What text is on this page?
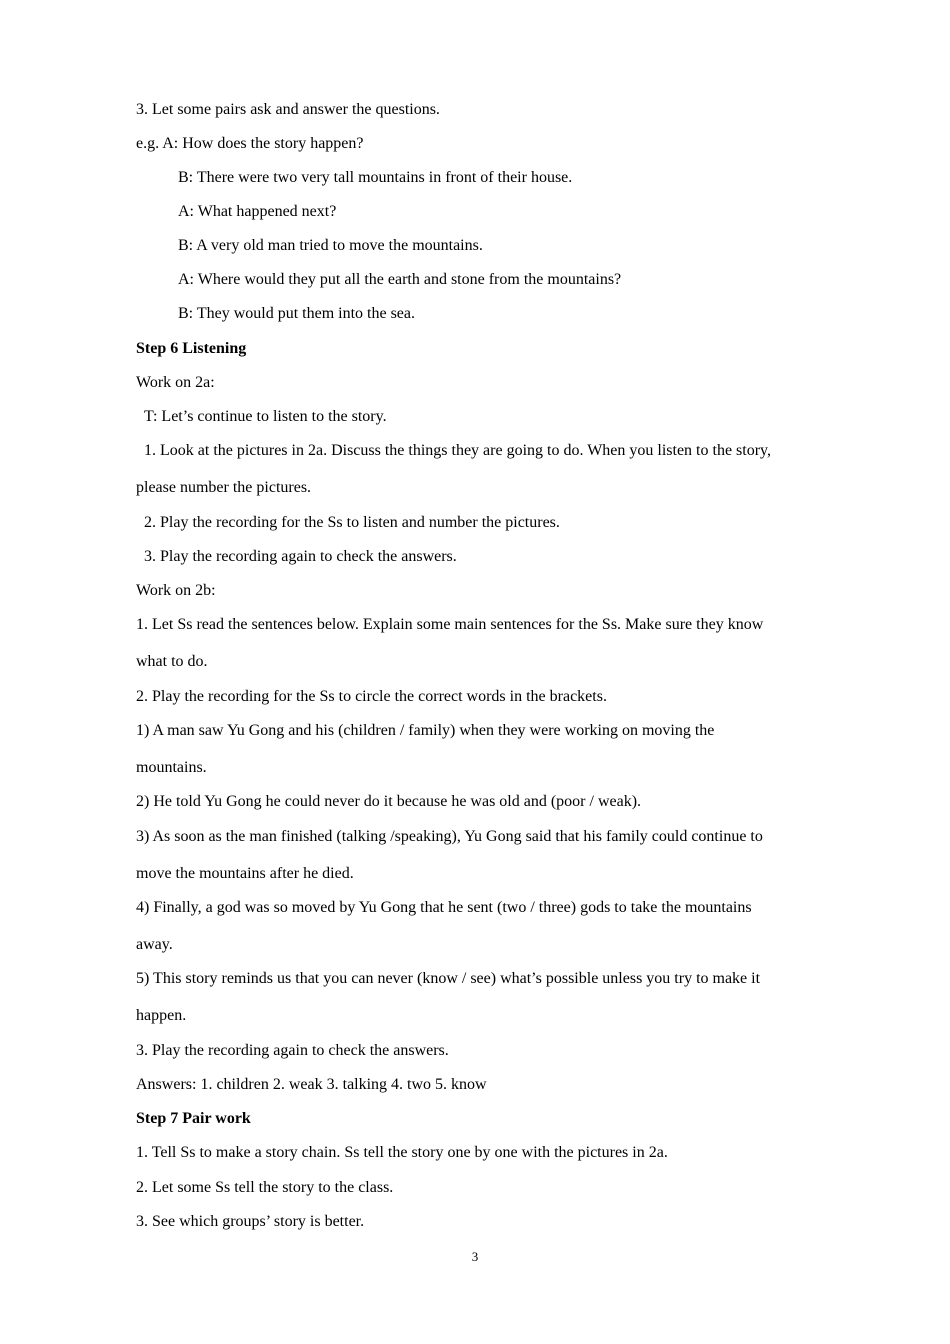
3. Let some pairs ask and answer the questions.
e.g. A: How does the story happen?
B: There were two very tall mountains in front of their house.
A: What happened next?
B: A very old man tried to move the mountains.
A: Where would they put all the earth and stone from the mountains?
B: They would put them into the sea.
Step 6 Listening
Work on 2a:
T: Let’s continue to listen to the story.
1. Look at the pictures in 2a. Discuss the things they are going to do. When you listen to the story,
please number the pictures.
2. Play the recording for the Ss to listen and number the pictures.
3. Play the recording again to check the answers.
Work on 2b:
1. Let Ss read the sentences below. Explain some main sentences for the Ss. Make sure they know
what to do.
2. Play the recording for the Ss to circle the correct words in the brackets.
1) A man saw Yu Gong and his (children / family) when they were working on moving the
mountains.
2) He told Yu Gong he could never do it because he was old and (poor / weak).
3) As soon as the man finished (talking /speaking), Yu Gong said that his family could continue to
move the mountains after he died.
4) Finally, a god was so moved by Yu Gong that he sent (two / three) gods to take the mountains
away.
5) This story reminds us that you can never (know / see) what’s possible unless you try to make it
happen.
3. Play the recording again to check the answers.
Answers: 1. children 2. weak 3. talking 4. two 5. know
Step 7 Pair work
1. Tell Ss to make a story chain. Ss tell the story one by one with the pictures in 2a.
2. Let some Ss tell the story to the class.
3. See which groups’ story is better.
3
